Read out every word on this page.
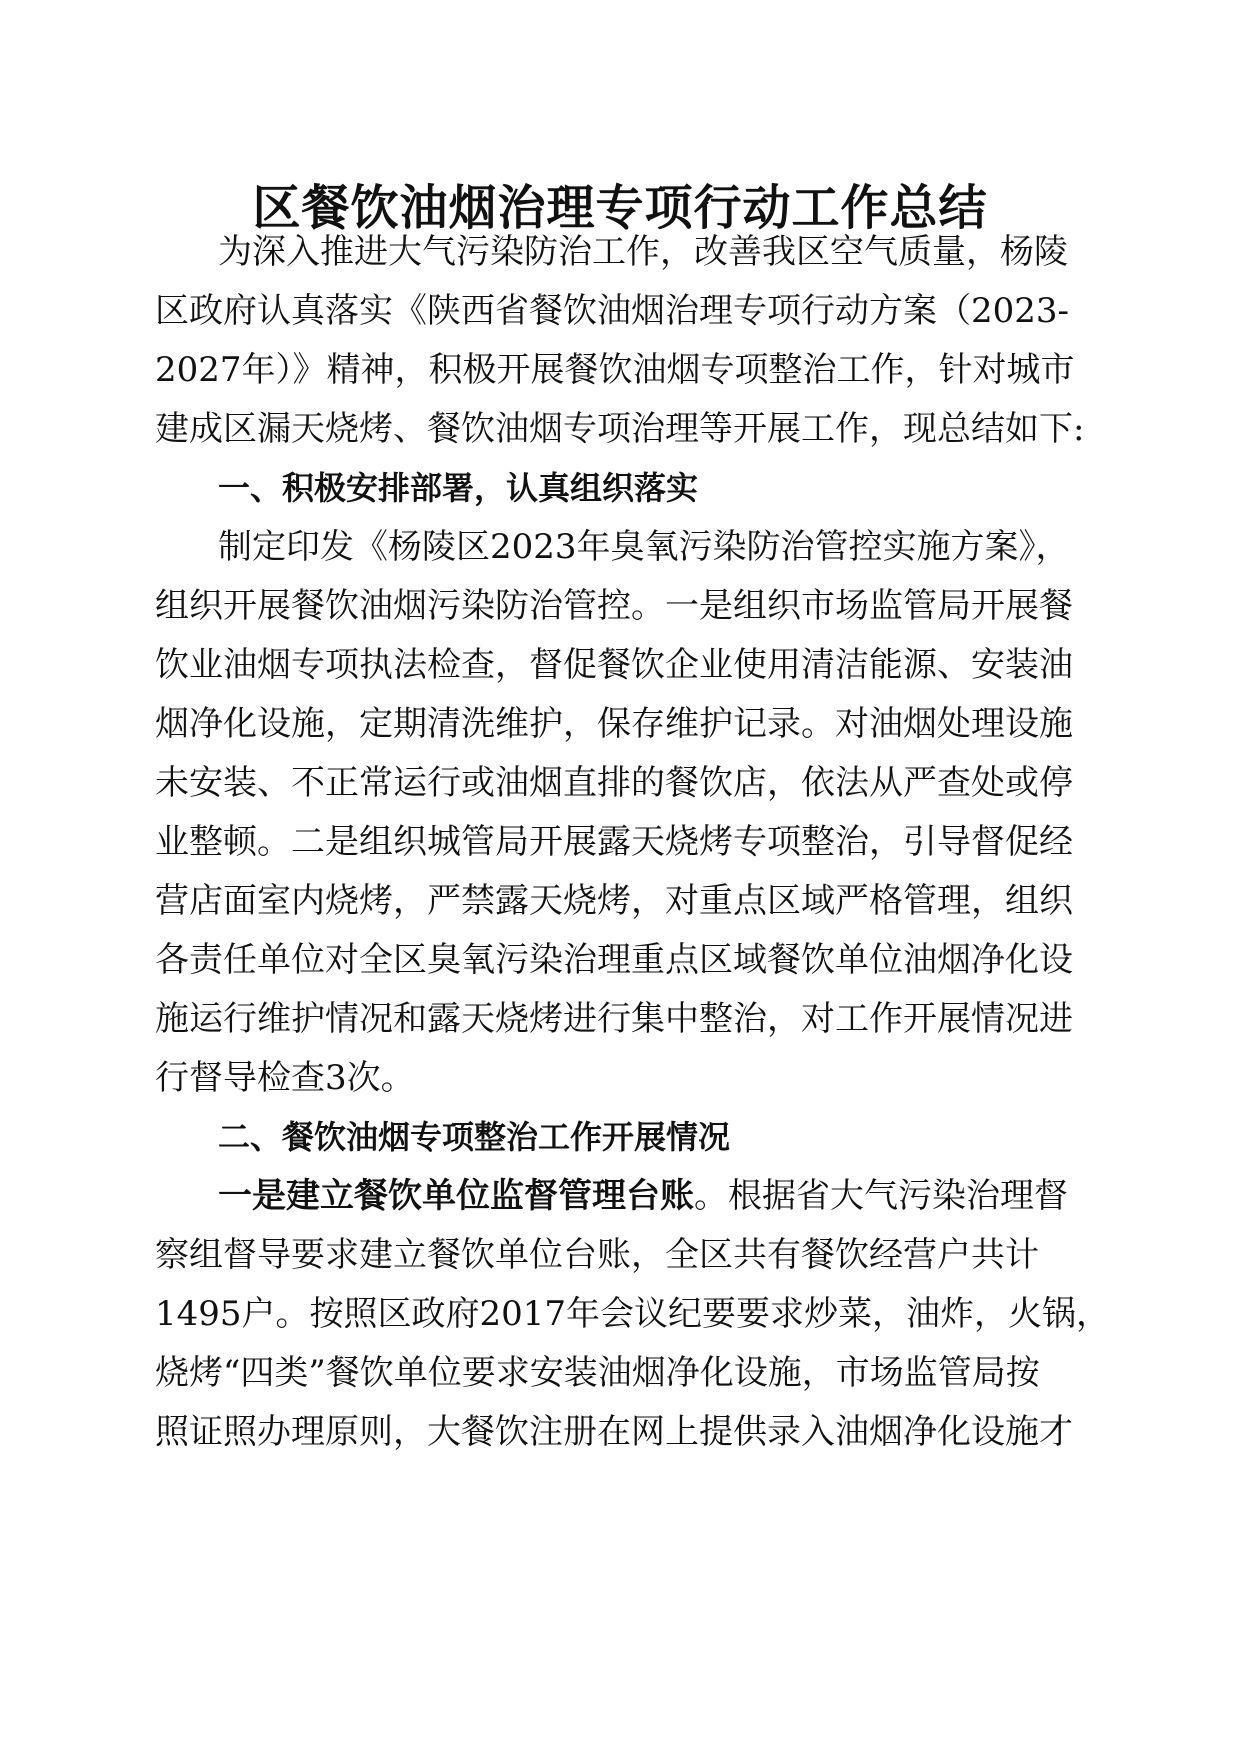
区餐饮油烟治理专项行动工作总结
为深入推进大气污染防治工作，改善我区空气质量，杨陵
区政府认真落实《陕西省餐饮油烟治理专项行动方案（2023-
2027年）》精神，积极开展餐饮油烟专项整治工作，针对城市
建成区漏天烧烤、餐饮油烟专项治理等开展工作，现总结如下:
一、积极安排部署，认真组织落实
制定印发《杨陵区2023年臭氧污染防治管控实施方案》，
组织开展餐饮油烟污染防治管控。一是组织市场监管局开展餐
饮业油烟专项执法检查，督促餐饮企业使用清洁能源、安装油
烟净化设施，定期清洗维护，保存维护记录。对油烟处理设施
未安装、不正常运行或油烟直排的餐饮店，依法从严查处或停
业整顿。二是组织城管局开展露天烧烤专项整治，引导督促经
营店面室内烧烤，严禁露天烧烤，对重点区域严格管理，组织
各责任单位对全区臭氧污染治理重点区域餐饮单位油烟净化设
施运行维护情况和露天烧烤进行集中整治，对工作开展情况进
行督导检查3次。
二、餐饮油烟专项整治工作开展情况
一是建立餐饮单位监督管理台账。根据省大气污染治理督
察组督导要求建立餐饮单位台账，全区共有餐饮经营户共计
1495户。按照区政府2017年会议纪要要求炒菜，油炸，火锅，
烧烤“四类”餐饮单位要求安装油烟净化设施，市场监管局按
照证照办理原则，大餐饮注册在网上提供录入油烟净化设施才
